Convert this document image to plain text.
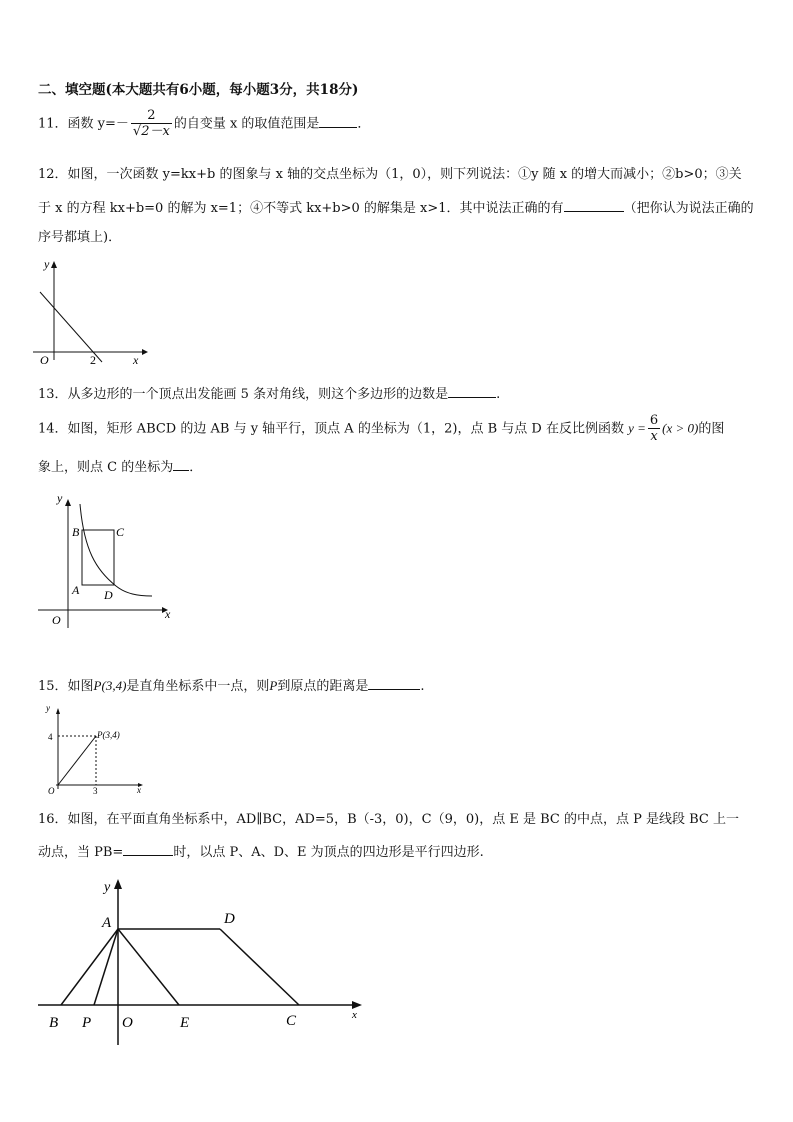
二、填空题(本大题共有6小题，每小题3分，共18分)
11．函数 $y=- \frac{2}{√2-x}$ 的自变量 x 的取值范围是	．
12．如图，一次函数 y=kx+b 的图象与 x 轴的交点坐标为（1，0），则下列说法：①y 随 x 的增大而减小；②b>0；③关
于 x 的方程 kx+b=0 的解为 x=1；④不等式 kx+b>0 的解集是 x>1．其中说法正确的有	（把你认为说法正确的
序号都填上)．
y
x
O	2
13．从多边形的一个顶点出发能画 5 条对角线，则这个多边形的边数是	.
14．如图，矩形 ABCD 的边 AB 与 y 轴平行，顶点 A 的坐标为（1，2)，点 B 与点 D 在反比例函数 $y = \frac{6}{x} (x > 0)$的图
象上，则点 C 的坐标为 ．
y
x
O
B	C
A D
15．如图P(3,4)是直角坐标系中一点，则P到原点的距离是	.
y
x
O
4
3
P(3,4)
16．如图，在平面直角坐标系中，AD∥BC，AD=5，B（-3，0)，C（9，0)，点 E 是 BC 的中点，点 P 是线段 BC 上一
动点，当 PB=	时，以点 P、A、D、E 为顶点的四边形是平行四边形.
y
x
A	D
B P O	E	C
